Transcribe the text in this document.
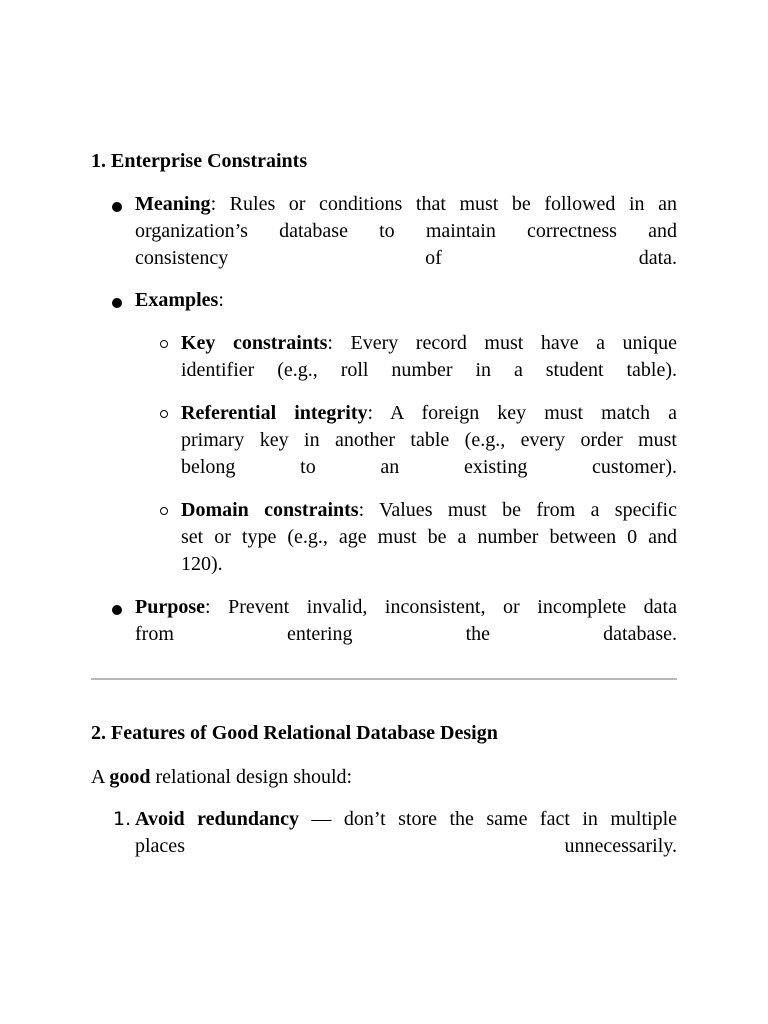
1. Enterprise Constraints

Meaning: Rules or conditions that must be followed in an
organization’s database to maintain correctness and
consistency of data.
Examples:
Key constraints: Every record must have a unique
identifier (e.g., roll number in a student table).
Referential integrity: A foreign key must match a
primary key in another table (e.g., every order must
belong to an existing customer).
Domain constraints: Values must be from a specific
set or type (e.g., age must be a number between 0 and
120).
Purpose: Prevent invalid, inconsistent, or incomplete data
from entering the database.

2. Features of Good Relational Database Design

A good relational design should:

1. Avoid redundancy — don’t store the same fact in multiple
places unnecessarily.
